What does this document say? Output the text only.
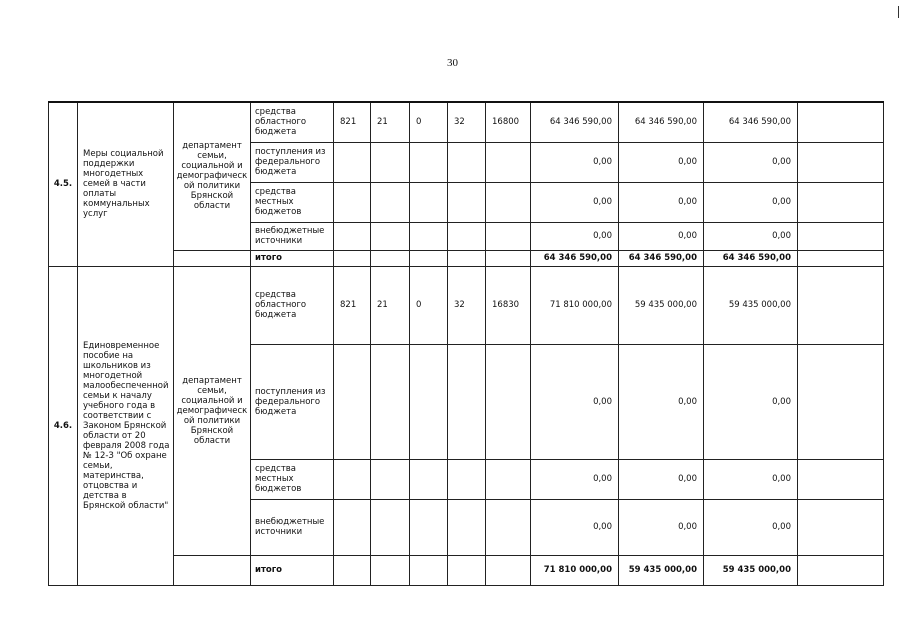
30
4.5.	Меры социальной поддержки многодетных семей в части оплаты коммунальных услуг	департамент семьи, социальной и демографической политики Брянской области	средства областного бюджета	821	21	0	32	16800	64 346 590,00	64 346 590,00	64 346 590,00	
			поступления из федерального бюджета						0,00	0,00	0,00	
			средства местных бюджетов						0,00	0,00	0,00	
			внебюджетные источники						0,00	0,00	0,00	
			итого						64 346 590,00	64 346 590,00	64 346 590,00	
4.6.	Единовременное пособие на школьников из многодетной малообеспеченной семьи к началу учебного года в соответствии с Законом Брянской области от 20 февраля 2008 года № 12-З "Об охране семьи, материнства, отцовства и детства в Брянской области"	департамент семьи, социальной и демографической политики Брянской области	средства областного бюджета	821	21	0	32	16830	71 810 000,00	59 435 000,00	59 435 000,00	
			поступления из федерального бюджета						0,00	0,00	0,00	
			средства местных бюджетов						0,00	0,00	0,00	
			внебюджетные источники						0,00	0,00	0,00	
			итого						71 810 000,00	59 435 000,00	59 435 000,00	
